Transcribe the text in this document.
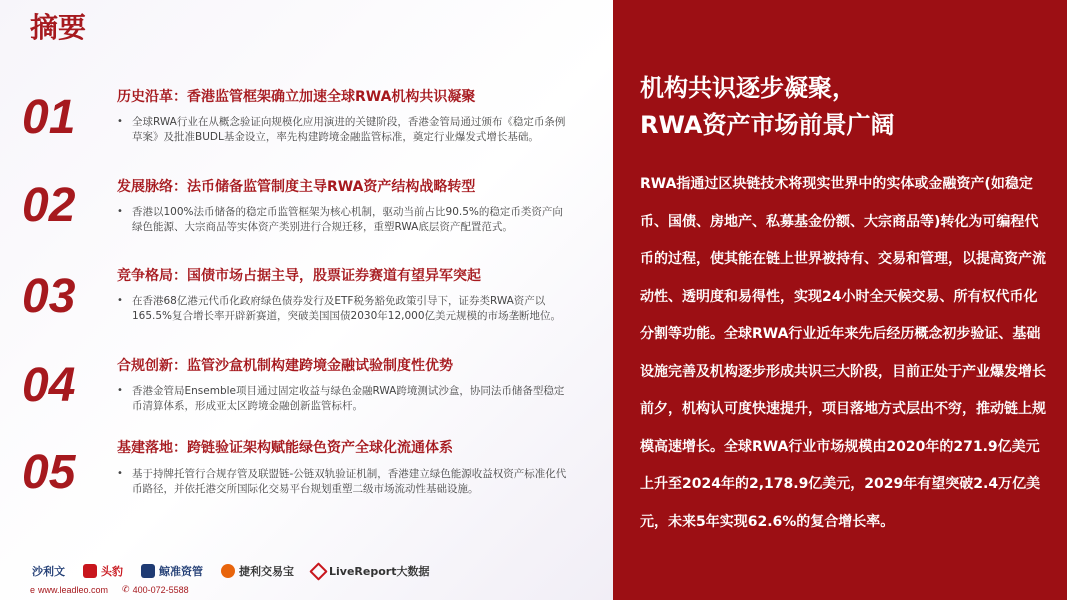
摘要
01	历史沿革：香港监管框架确立加速全球RWA机构共识凝聚
• 全球RWA行业在从概念验证向规模化应用演进的关键阶段，香港金管局通过颁布《稳定币条例草案》及批准BUDL基金设立，率先构建跨境金融监管标准，奠定行业爆发式增长基础。
02	发展脉络：法币储备监管制度主导RWA资产结构战略转型
• 香港以100%法币储备的稳定币监管框架为核心机制，驱动当前占比90.5%的稳定币类资产向绿色能源、大宗商品等实体资产类别进行合规迁移，重塑RWA底层资产配置范式。
03	竞争格局：国债市场占据主导，股票证券赛道有望异军突起
• 在香港68亿港元代币化政府绿色债券发行及ETF税务豁免政策引导下，证券类RWA资产以165.5%复合增长率开辟新赛道，突破美国国债2030年12,000亿美元规模的市场垄断地位。
04	合规创新：监管沙盒机制构建跨境金融试验制度性优势
• 香港金管局Ensemble项目通过固定收益与绿色金融RWA跨境测试沙盒，协同法币储备型稳定币清算体系，形成亚太区跨境金融创新监管标杆。
05	基建落地：跨链验证架构赋能绿色资产全球化流通体系
• 基于持牌托管行合规存管及联盟链-公链双轨验证机制，香港建立绿色能源收益权资产标准化代币路径，并依托港交所国际化交易平台规划重塑二级市场流动性基础设施。
沙利文	头豹	鲸准资管	捷利交易宝	LiveReport大数据
e www.leadleo.com ✆ 400-072-5588
机构共识逐步凝聚，
RWA资产市场前景广阔
RWA指通过区块链技术将现实世界中的实体或金融资产(如稳定币、国债、房地产、私募基金份额、大宗商品等)转化为可编程代币的过程，使其能在链上世界被持有、交易和管理，以提高资产流动性、透明度和易得性，实现24小时全天候交易、所有权代币化分割等功能。全球RWA行业近年来先后经历概念初步验证、基础设施完善及机构逐步形成共识三大阶段，目前正处于产业爆发增长前夕，机构认可度快速提升，项目落地方式层出不穷，推动链上规模高速增长。全球RWA行业市场规模由2020年的271.9亿美元上升至2024年的2,178.9亿美元，2029年有望突破2.4万亿美元，未来5年实现62.6%的复合增长率。
